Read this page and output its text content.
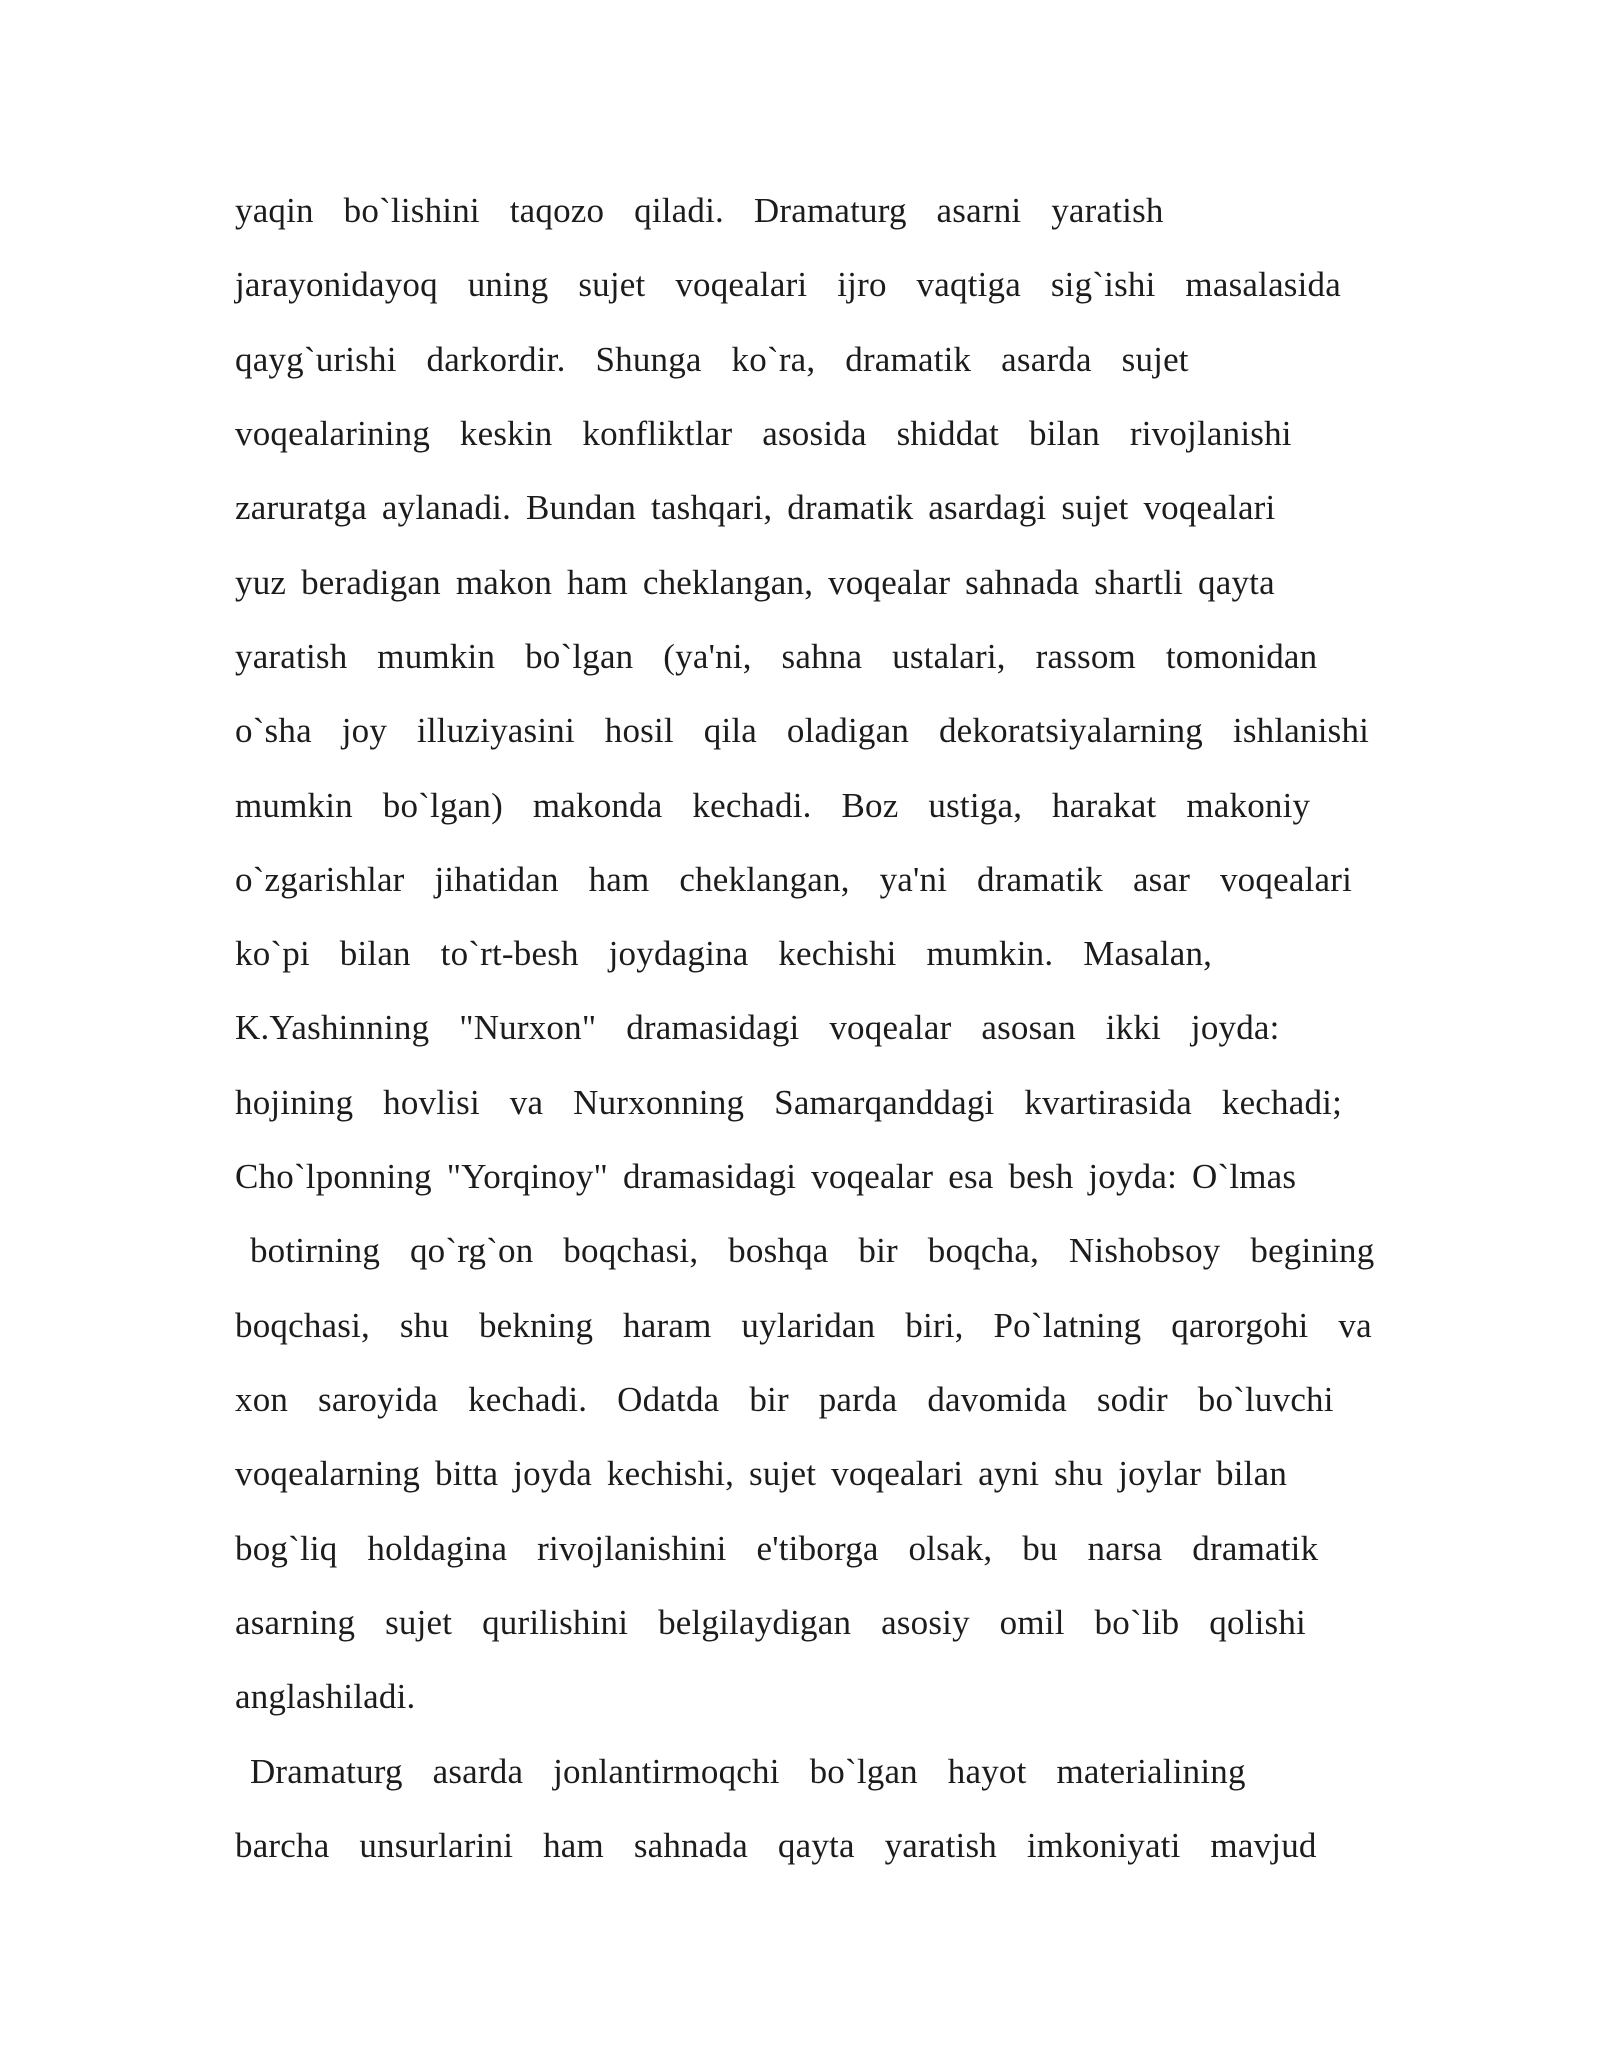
yaqin  bo`lishini  taqozo  qiladi.  Dramaturg  asarni  yaratish
jarayonidayoq  uning  sujet  voqealari  ijro  vaqtiga  sig`ishi  masalasida
qayg`urishi  darkordir.  Shunga  ko`ra,  dramatik  asarda  sujet
voqealarining  keskin  konfliktlar  asosida  shiddat  bilan  rivojlanishi
zaruratga aylanadi. Bundan tashqari, dramatik asardagi sujet voqealari
yuz beradigan makon ham cheklangan, voqealar sahnada shartli qayta
yaratish  mumkin  bo`lgan  (ya'ni,  sahna  ustalari,  rassom  tomonidan
o`sha  joy  illuziyasini  hosil  qila  oladigan  dekoratsiyalarning  ishlanishi
mumkin  bo`lgan)  makonda  kechadi.  Boz  ustiga,  harakat  makoniy
o`zgarishlar  jihatidan  ham  cheklangan,  ya'ni  dramatik  asar  voqealari
ko`pi  bilan  to`rt-besh  joydagina  kechishi  mumkin.  Masalan,
K.Yashinning  "Nurxon"  dramasidagi  voqealar  asosan  ikki  joyda:
hojining  hovlisi  va  Nurxonning  Samarqanddagi  kvartirasida  kechadi;
Cho`lponning "Yorqinoy" dramasidagi voqealar esa besh joyda: O`lmas
botirning  qo`rg`on  boqchasi,  boshqa  bir  boqcha,  Nishobsoy  begining
boqchasi,  shu  bekning  haram  uylaridan  biri,  Po`latning  qarorgohi  va
xon  saroyida  kechadi.  Odatda  bir  parda  davomida  sodir  bo`luvchi
voqealarning bitta joyda kechishi, sujet voqealari ayni shu joylar bilan
bog`liq  holdagina  rivojlanishini  e'tiborga  olsak,  bu  narsa  dramatik
asarning  sujet  qurilishini  belgilaydigan  asosiy  omil  bo`lib  qolishi
anglashiladi.
Dramaturg  asarda  jonlantirmoqchi  bo`lgan  hayot  materialining
barcha  unsurlarini  ham  sahnada  qayta  yaratish  imkoniyati  mavjud
